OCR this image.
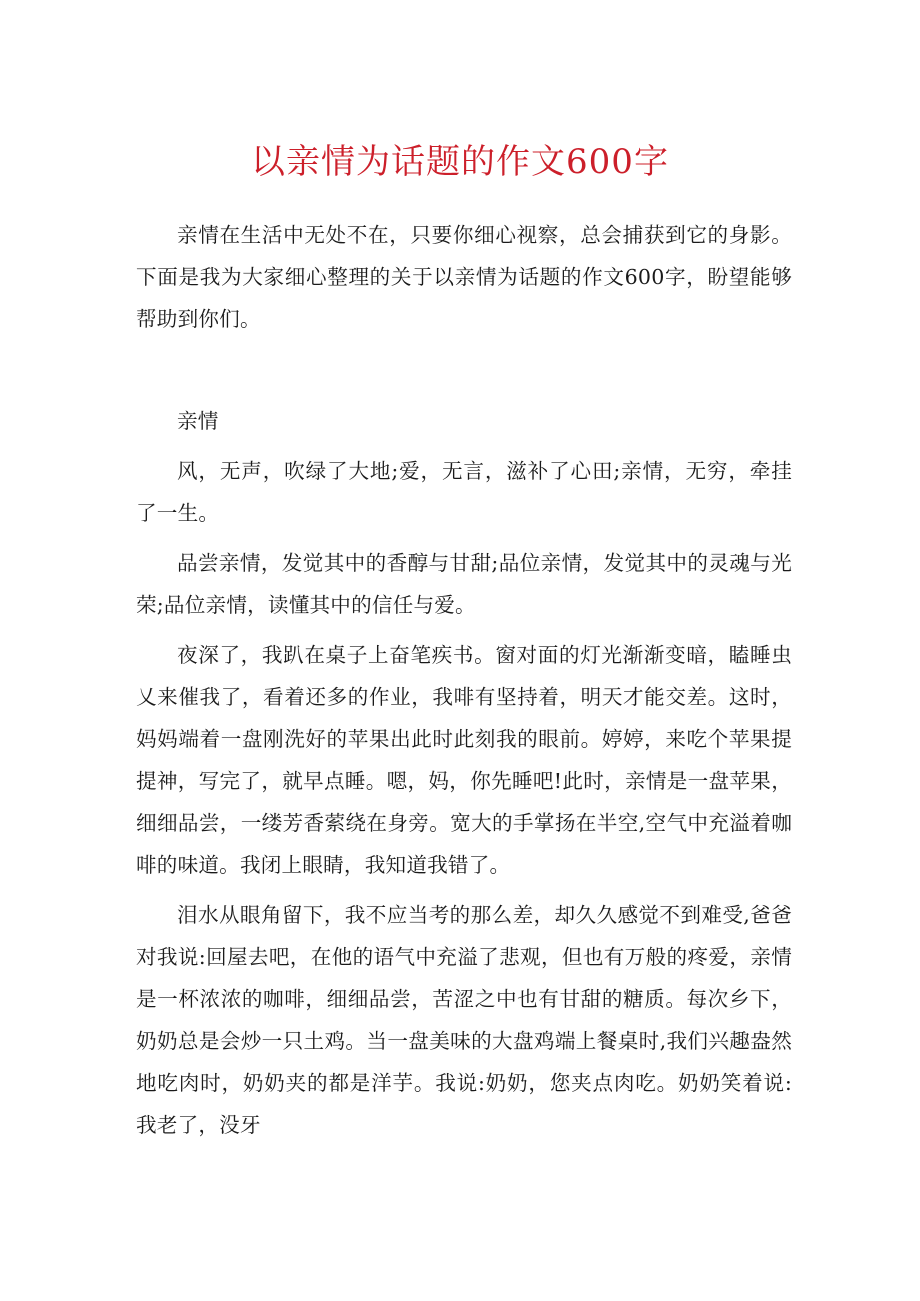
以亲情为话题的作文600字

亲情在生活中无处不在，只要你细心视察，总会捕获到它的身影。下面是我为大家细心整理的关于以亲情为话题的作文600字，盼望能够帮助到你们。

亲情

风，无声，吹绿了大地;爱，无言，滋补了心田;亲情，无穷，牵挂了一生。

品尝亲情，发觉其中的香醇与甘甜;品位亲情，发觉其中的灵魂与光荣;品位亲情，读懂其中的信任与爱。

夜深了，我趴在桌子上奋笔疾书。窗对面的灯光渐渐变暗，瞌睡虫乂来催我了，看着还多的作业，我啡有坚持着，明天才能交差。这时，妈妈端着一盘刚洗好的苹果出此时此刻我的眼前。婷婷，来吃个苹果提提神，写完了，就早点睡。嗯，妈，你先睡吧!此时，亲情是一盘苹果，细细品尝，一缕芳香萦绕在身旁。宽大的手掌扬在半空,空气中充溢着咖啡的味道。我闭上眼睛，我知道我错了。

泪水从眼角留下，我不应当考的那么差，却久久感觉不到难受,爸爸对我说:回屋去吧，在他的语气中充溢了悲观，但也有万般的疼爱，亲情是一杯浓浓的咖啡，细细品尝，苦涩之中也有甘甜的糖质。每次乡下，奶奶总是会炒一只土鸡。当一盘美味的大盘鸡端上餐桌时,我们兴趣盎然地吃肉时，奶奶夹的都是洋芋。我说:奶奶，您夹点肉吃。奶奶笑着说:我老了，没牙
